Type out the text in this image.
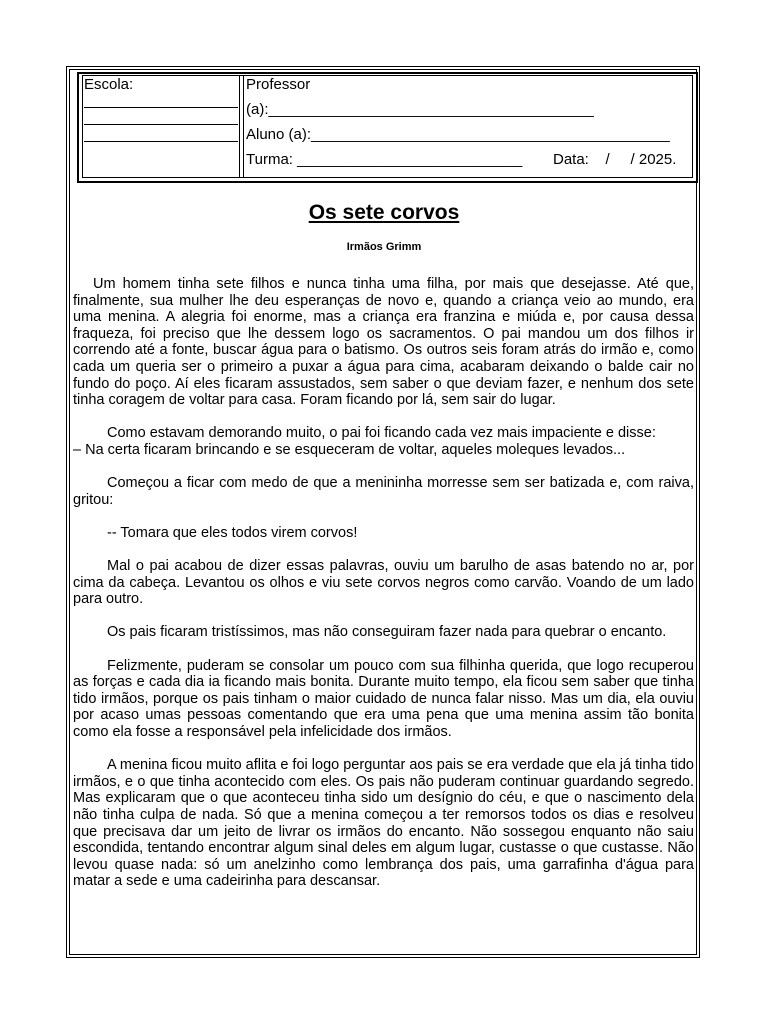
Escola:	Professor
(a):_______________________________________
Aluno (a):___________________________________________
Turma: ___________________________ Data:    /     / 2025.
Os sete corvos
Irmãos Grimm

Um homem tinha sete filhos e nunca tinha uma filha, por mais que desejasse. Até que, finalmente, sua mulher lhe deu esperanças de novo e, quando a criança veio ao mundo, era uma menina. A alegria foi enorme, mas a criança era franzina e miúda e, por causa dessa fraqueza, foi preciso que lhe dessem logo os sacramentos. O pai mandou um dos filhos ir correndo até a fonte, buscar água para o batismo. Os outros seis foram atrás do irmão e, como cada um queria ser o primeiro a puxar a água para cima, acabaram deixando o balde cair no fundo do poço. Aí eles ficaram assustados, sem saber o que deviam fazer, e nenhum dos sete tinha coragem de voltar para casa. Foram ficando por lá, sem sair do lugar.

Como estavam demorando muito, o pai foi ficando cada vez mais impaciente e disse:

– Na certa ficaram brincando e se esqueceram de voltar, aqueles moleques levados...

Começou a ficar com medo de que a menininha morresse sem ser batizada e, com raiva, gritou:

-- Tomara que eles todos virem corvos!

Mal o pai acabou de dizer essas palavras, ouviu um barulho de asas batendo no ar, por cima da cabeça. Levantou os olhos e viu sete corvos negros como carvão. Voando de um lado para outro.

Os pais ficaram tristíssimos, mas não conseguiram fazer nada para quebrar o encanto.

Felizmente, puderam se consolar um pouco com sua filhinha querida, que logo recuperou as forças e cada dia ia ficando mais bonita. Durante muito tempo, ela ficou sem saber que tinha tido irmãos, porque os pais tinham o maior cuidado de nunca falar nisso. Mas um dia, ela ouviu por acaso umas pessoas comentando que era uma pena que uma menina assim tão bonita como ela fosse a responsável pela infelicidade dos irmãos.

A menina ficou muito aflita e foi logo perguntar aos pais se era verdade que ela já tinha tido irmãos, e o que tinha acontecido com eles. Os pais não puderam continuar guardando segredo. Mas explicaram que o que aconteceu tinha sido um desígnio do céu, e que o nascimento dela não tinha culpa de nada. Só que a menina começou a ter remorsos todos os dias e resolveu que precisava dar um jeito de livrar os irmãos do encanto. Não sossegou enquanto não saiu escondida, tentando encontrar algum sinal deles em algum lugar, custasse o que custasse. Não levou quase nada: só um anelzinho como lembrança dos pais, uma garrafinha d'água para matar a sede e uma cadeirinha para descansar.
